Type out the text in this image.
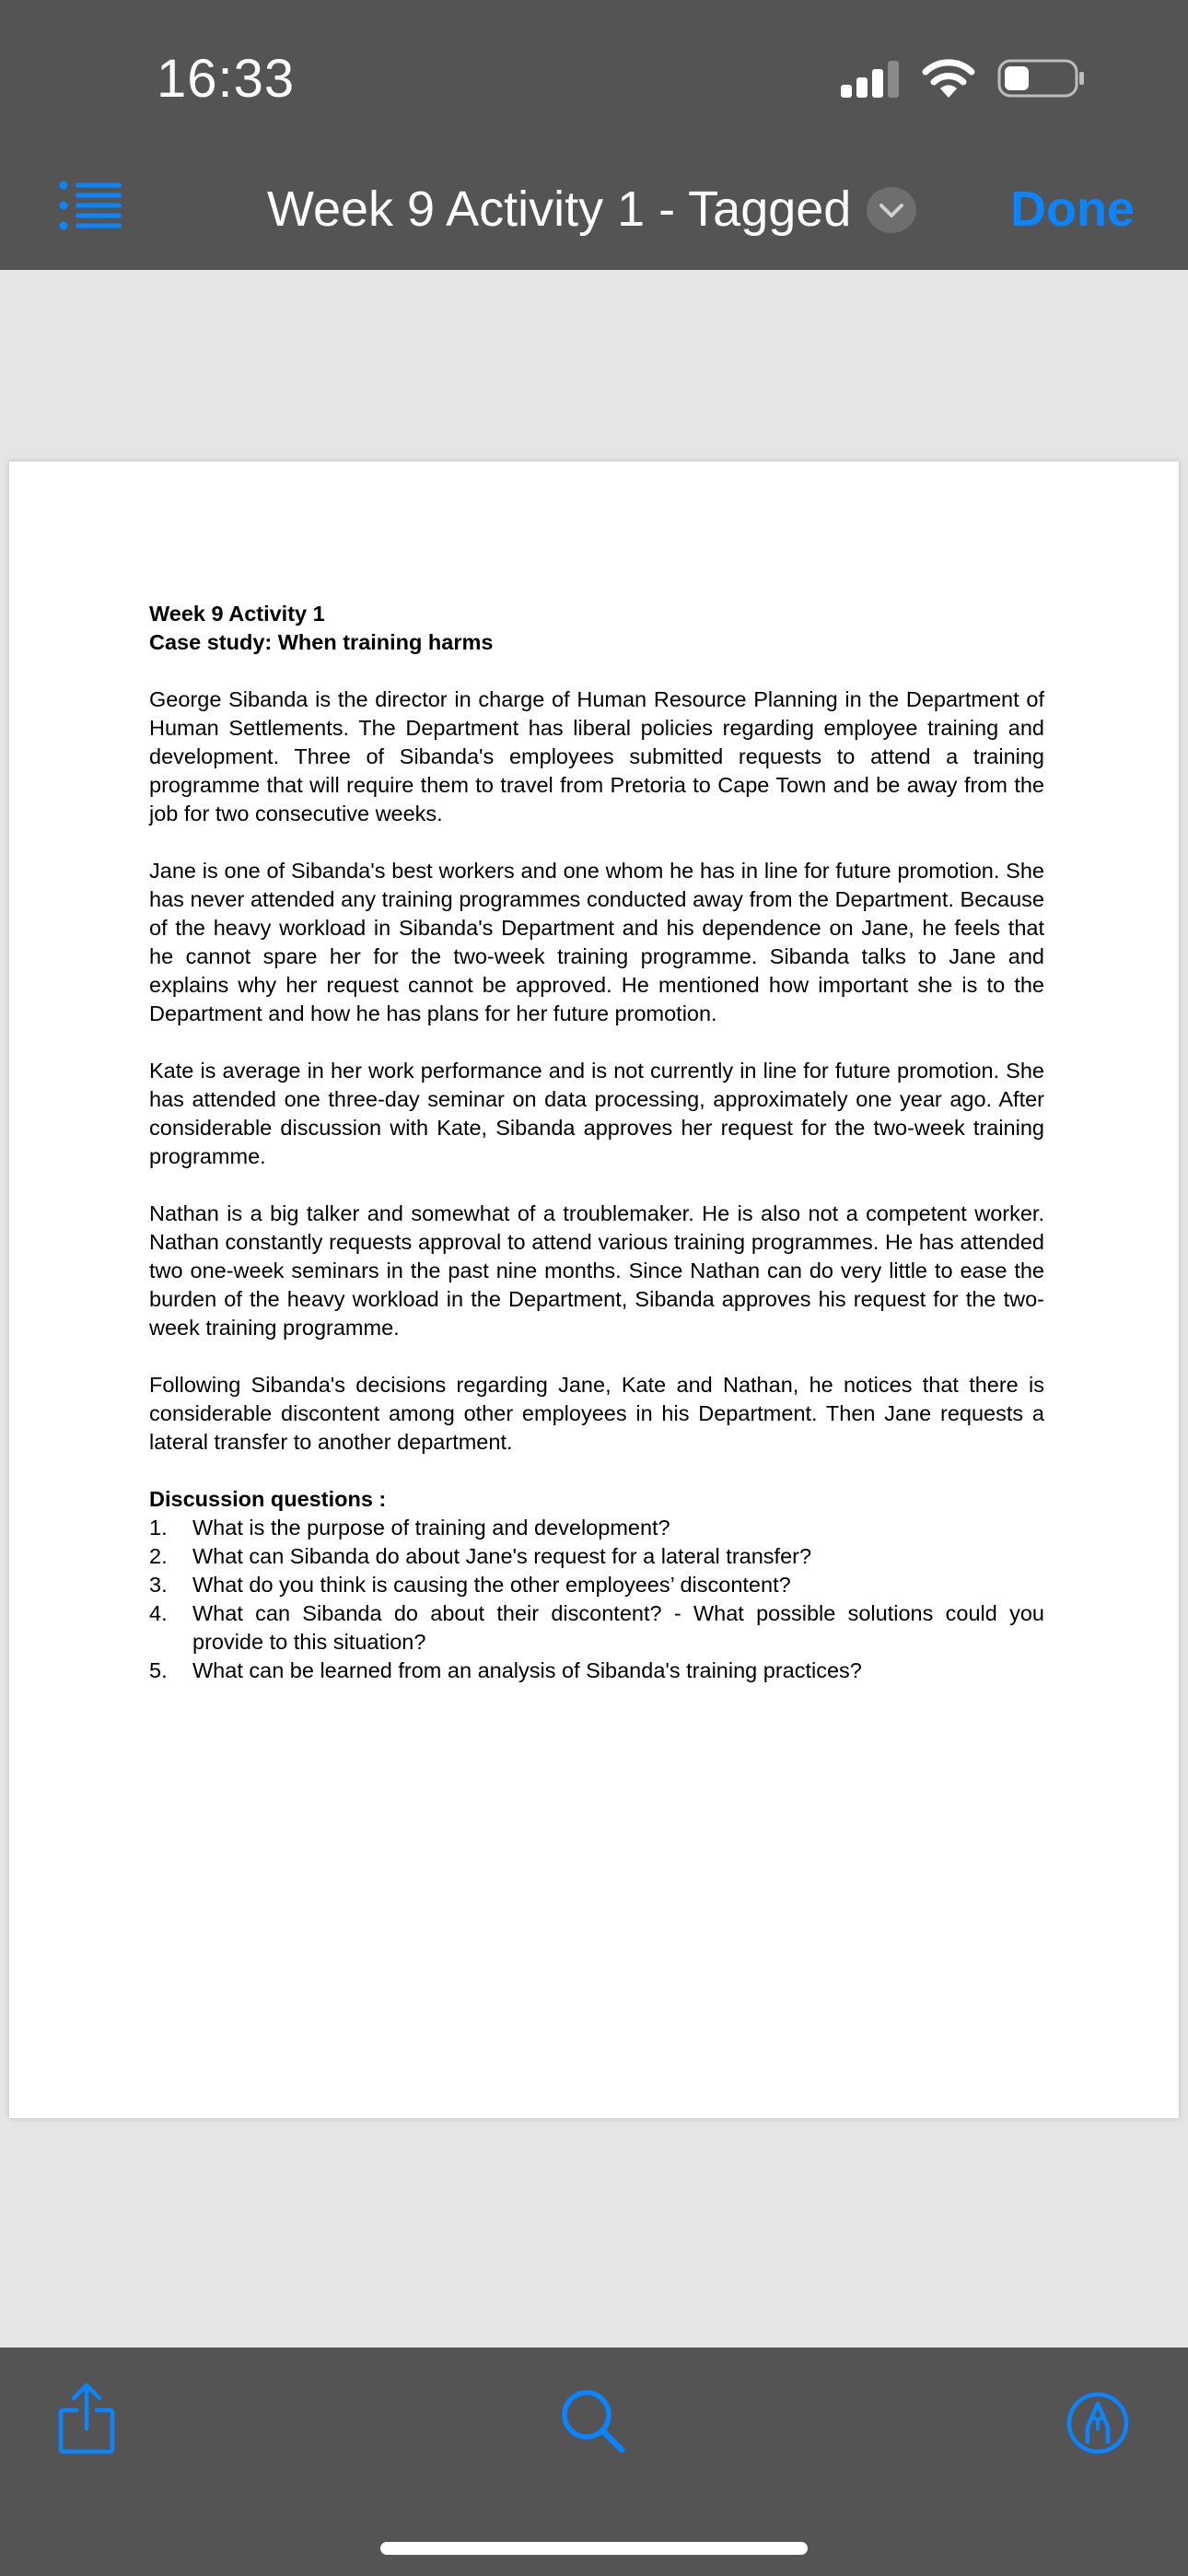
16:33
Week 9 Activity 1 - Tagged	Done
Week 9 Activity 1
Case study: When training harms

George Sibanda is the director in charge of Human Resource Planning in the Department of Human Settlements. The Department has liberal policies regarding employee training and development. Three of Sibanda's employees submitted requests to attend a training programme that will require them to travel from Pretoria to Cape Town and be away from the job for two consecutive weeks.

Jane is one of Sibanda's best workers and one whom he has in line for future promotion. She has never attended any training programmes conducted away from the Department. Because of the heavy workload in Sibanda's Department and his dependence on Jane, he feels that he cannot spare her for the two-week training programme. Sibanda talks to Jane and explains why her request cannot be approved. He mentioned how important she is to the Department and how he has plans for her future promotion.

Kate is average in her work performance and is not currently in line for future promotion. She has attended one three-day seminar on data processing, approximately one year ago. After considerable discussion with Kate, Sibanda approves her request for the two-week training programme.

Nathan is a big talker and somewhat of a troublemaker. He is also not a competent worker. Nathan constantly requests approval to attend various training programmes. He has attended two one-week seminars in the past nine months. Since Nathan can do very little to ease the burden of the heavy workload in the Department, Sibanda approves his request for the two-week training programme.

Following Sibanda's decisions regarding Jane, Kate and Nathan, he notices that there is considerable discontent among other employees in his Department. Then Jane requests a lateral transfer to another department.

Discussion questions :
1. What is the purpose of training and development?
2. What can Sibanda do about Jane's request for a lateral transfer?
3. What do you think is causing the other employees’ discontent?
4. What can Sibanda do about their discontent? - What possible solutions could you provide to this situation?
5. What can be learned from an analysis of Sibanda's training practices?
